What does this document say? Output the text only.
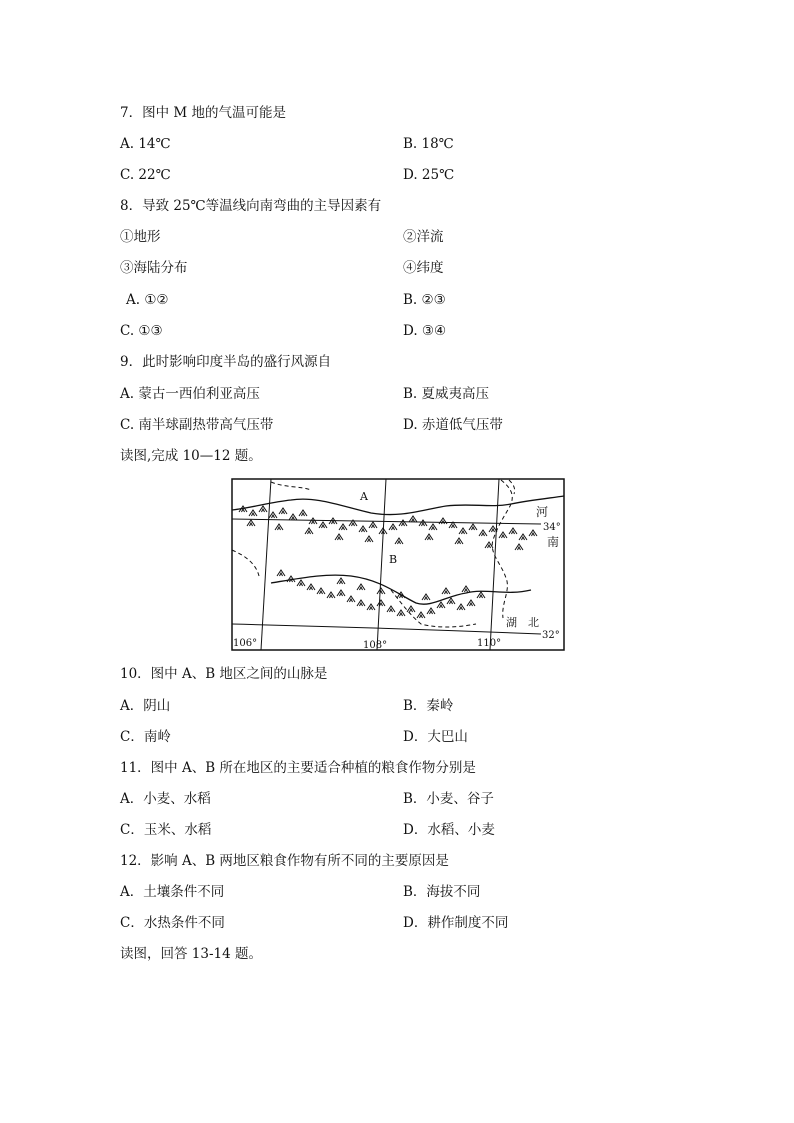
7．图中 M 地的气温可能是
A. 14℃	B. 18℃
C. 22℃	D. 25℃
8．导致 25℃等温线向南弯曲的主导因素有
①地形	②洋流
③海陆分布	④纬度
A. ①②	B. ②③
C. ①③	D. ③④
9．此时影响印度半岛的盛行风源自
A. 蒙古一西伯利亚高压	B. 夏威夷高压
C. 南半球副热带高气压带	D. 赤道低气压带
读图,完成 10—12 题。
A
B
河
南
湖　北
34°
32°
106°	108°	110°
10．图中 A、B 地区之间的山脉是
A．阴山	B．秦岭
C．南岭	D．大巴山
11．图中 A、B 所在地区的主要适合种植的粮食作物分别是
A．小麦、水稻	B．小麦、谷子
C．玉米、水稻	D．水稻、小麦
12．影响 A、B 两地区粮食作物有所不同的主要原因是
A．土壤条件不同	B．海拔不同
C．水热条件不同	D．耕作制度不同
读图，回答 13-14 题。
